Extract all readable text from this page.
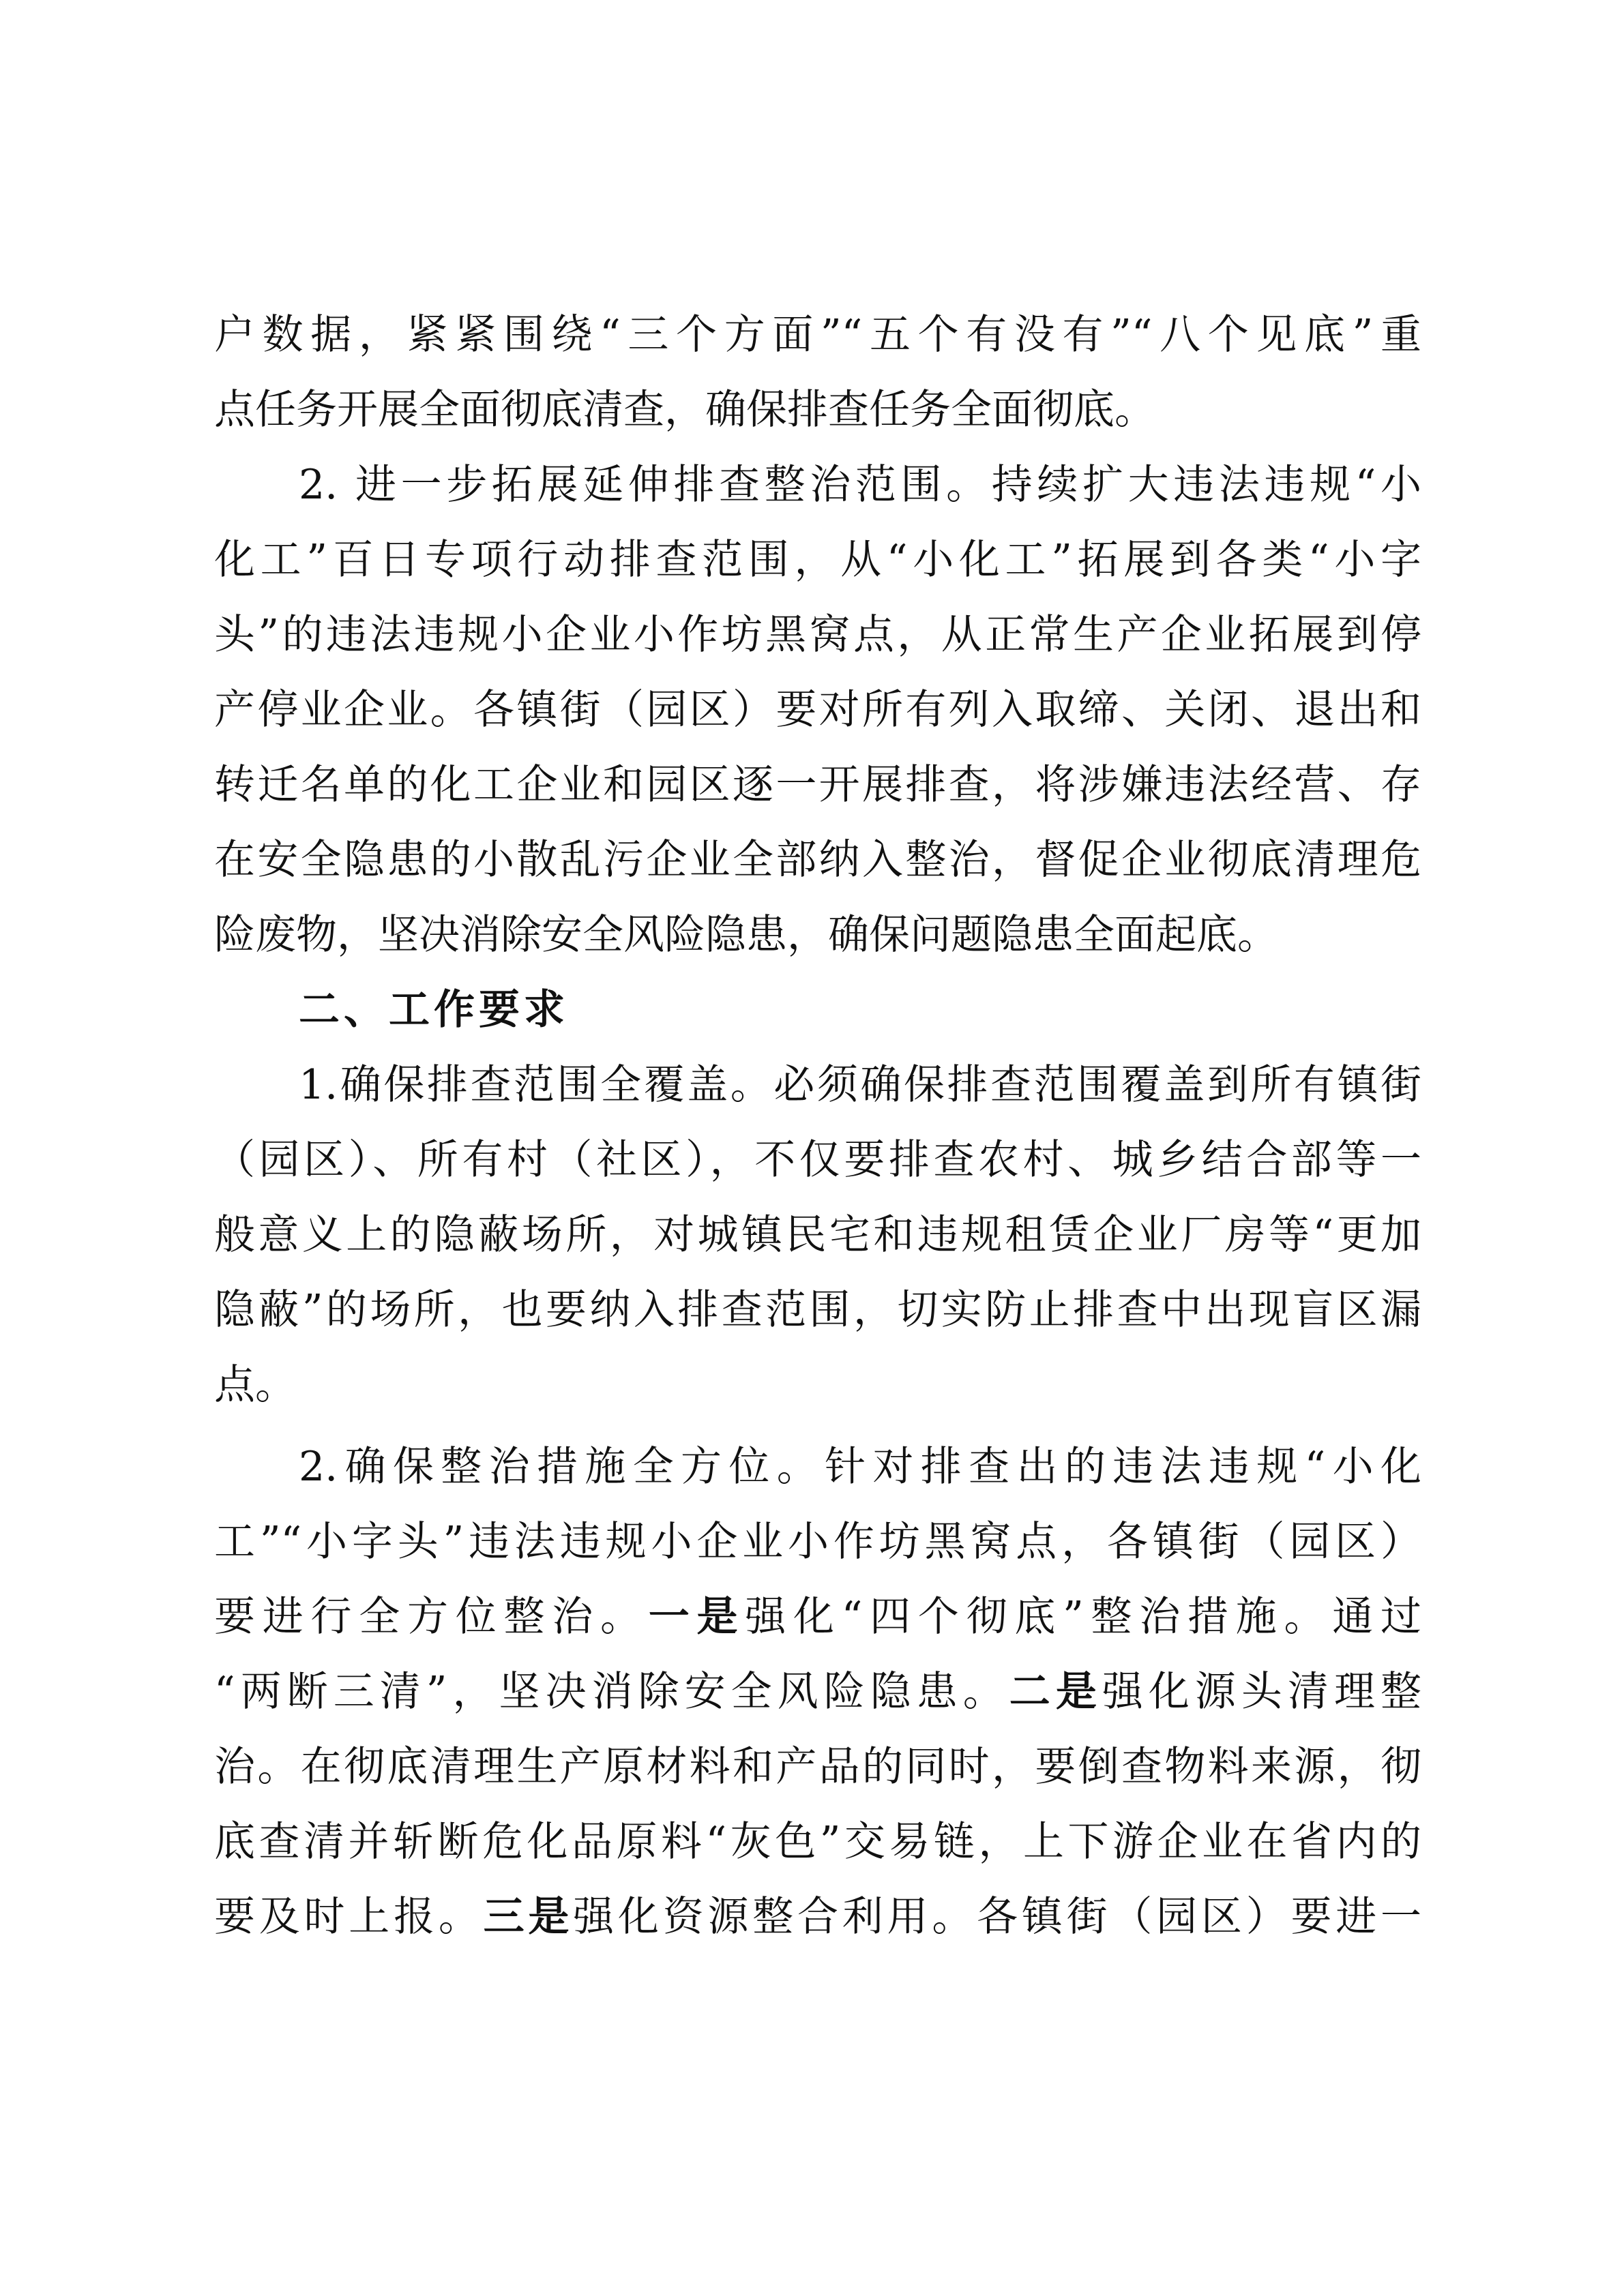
户数据，紧紧围绕“三个方面”“五个有没有”“八个见底”重
点任务开展全面彻底清查，确保排查任务全面彻底。
2. 进一步拓展延伸排查整治范围。持续扩大违法违规“小
化工”百日专项行动排查范围，从“小化工”拓展到各类“小字
头”的违法违规小企业小作坊黑窝点，从正常生产企业拓展到停
产停业企业。各镇街（园区）要对所有列入取缔、关闭、退出和
转迁名单的化工企业和园区逐一开展排查，将涉嫌违法经营、存
在安全隐患的小散乱污企业全部纳入整治，督促企业彻底清理危
险废物，坚决消除安全风险隐患，确保问题隐患全面起底。
二、工作要求
1.确保排查范围全覆盖。必须确保排查范围覆盖到所有镇街
（园区）、所有村（社区），不仅要排查农村、城乡结合部等一
般意义上的隐蔽场所，对城镇民宅和违规租赁企业厂房等“更加
隐蔽”的场所，也要纳入排查范围，切实防止排查中出现盲区漏
点。
2.确保整治措施全方位。针对排查出的违法违规“小化
工”“小字头”违法违规小企业小作坊黑窝点，各镇街（园区）
要进行全方位整治。一是强化“四个彻底”整治措施。通过
“两断三清”，坚决消除安全风险隐患。二是强化源头清理整
治。在彻底清理生产原材料和产品的同时，要倒查物料来源，彻
底查清并斩断危化品原料“灰色”交易链，上下游企业在省内的
要及时上报。三是强化资源整合利用。各镇街（园区）要进一
